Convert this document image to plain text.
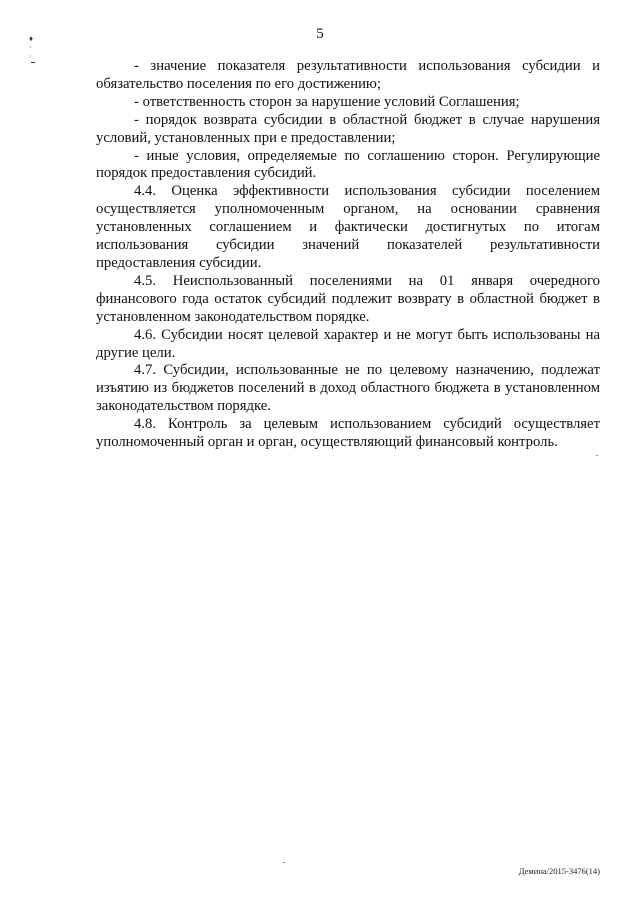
5
♦
·
·

- значение показателя результативности использования субсидии и обязательство поселения по его достижению;

- ответственность сторон за нарушение условий Соглашения;

- порядок возврата субсидии в областной бюджет в случае нарушения условий, установленных при е предоставлении;

- иные условия, определяемые по соглашению сторон. Регулирующие порядок предоставления субсидий.

4.4. Оценка эффективности использования субсидии поселением осуществляется уполномоченным органом, на основании сравнения установленных соглашением и фактически достигнутых по итогам использования субсидии значений показателей результативности предоставления субсидии.

4.5. Неиспользованный поселениями на 01 января очередного финансового года остаток субсидий подлежит возврату в областной бюджет в установленном законодательством порядке.

4.6. Субсидии носят целевой характер и не могут быть использованы на другие цели.

4.7. Субсидии, использованные не по целевому назначению, подлежат изъятию из бюджетов поселений в доход областного бюджета в установленном законодательством порядке.

4.8. Контроль за целевым использованием субсидий осуществляет уполномоченный орган и орган, осуществляющий финансовый контроль.

Демина/2015-3476(14)
